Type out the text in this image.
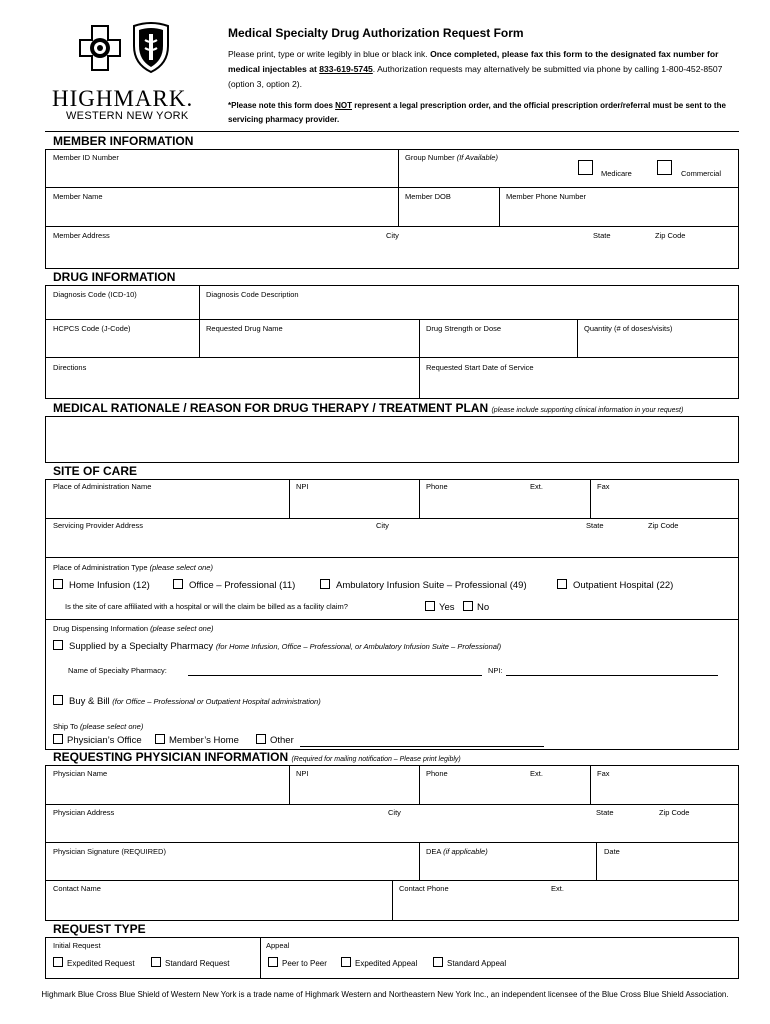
HIGHMARK.
WESTERN NEW YORK
Medical Specialty Drug Authorization Request Form
Please print, type or write legibly in blue or black ink. Once completed, please fax this form to the designated fax number for medical injectables at 833-619-5745. Authorization requests may alternatively be submitted via phone by calling 1-800-452-8507 (option 3, option 2).
*Please note this form does NOT represent a legal prescription order, and the official prescription order/referral must be sent to the servicing pharmacy provider.
MEMBER INFORMATION
Member ID Number	Group Number (If Available)
Medicare	Commercial
Member Name	Member DOB	Member Phone Number
Member Address	City	State	Zip Code
DRUG INFORMATION
Diagnosis Code (ICD-10)	Diagnosis Code Description
HCPCS Code (J-Code)	Requested Drug Name	Drug Strength or Dose	Quantity (# of doses/visits)
Directions	Requested Start Date of Service
MEDICAL RATIONALE / REASON FOR DRUG THERAPY / TREATMENT PLAN (please include supporting clinical information in your request)
SITE OF CARE
Place of Administration Name	NPI	Phone	Ext.	Fax
Servicing Provider Address	City	State	Zip Code
Place of Administration Type (please select one)
Home Infusion (12)	Office – Professional (11)	Ambulatory Infusion Suite – Professional (49)	Outpatient Hospital (22)
Is the site of care affiliated with a hospital or will the claim be billed as a facility claim?	Yes	No
Drug Dispensing Information (please select one)
Supplied by a Specialty Pharmacy (for Home Infusion, Office – Professional, or Ambulatory Infusion Suite – Professional)
Name of Specialty Pharmacy:	NPI:
Buy & Bill (for Office – Professional or Outpatient Hospital administration)
Ship To (please select one)
Physician’s Office	Member’s Home	Other
REQUESTING PHYSICIAN INFORMATION (Required for mailing notification – Please print legibly)
Physician Name	NPI	Phone	Ext.	Fax
Physician Address	City	State	Zip Code
Physician Signature (REQUIRED)	DEA (if applicable)	Date
Contact Name	Contact Phone	Ext.
REQUEST TYPE
Initial Request	Appeal
Expedited Request	Standard Request	Peer to Peer	Expedited Appeal	Standard Appeal
Highmark Blue Cross Blue Shield of Western New York is a trade name of Highmark Western and Northeastern New York Inc., an independent licensee of the Blue Cross Blue Shield Association.
